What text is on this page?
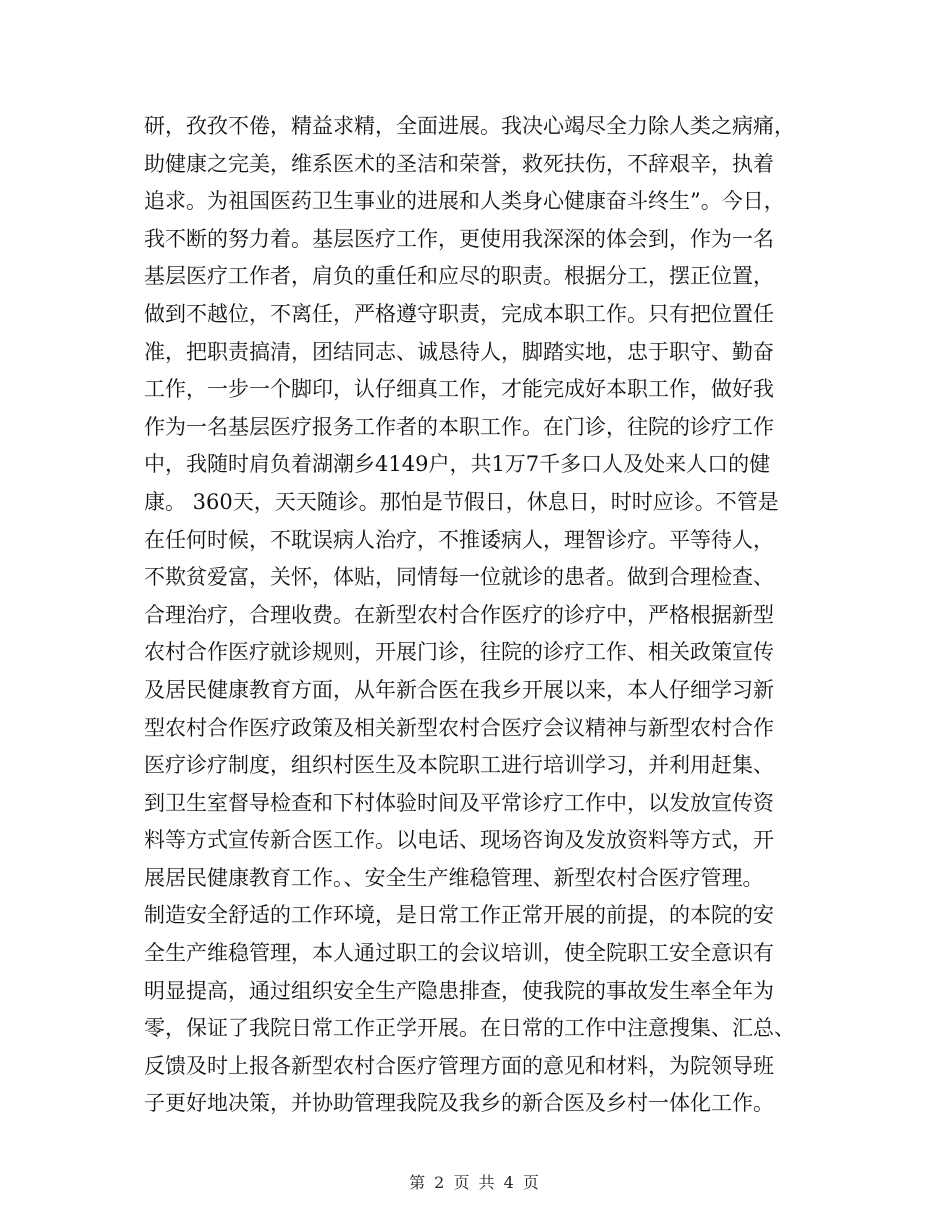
研，孜孜不倦，精益求精，全面进展。我决心竭尽全力除人类之病痛，
助健康之完美，维系医术的圣洁和荣誉，救死扶伤，不辞艰辛，执着
追求。为祖国医药卫生事业的进展和人类身心健康奋斗终生”。今日，
我不断的努力着。基层医疗工作，更使用我深深的体会到，作为一名
基层医疗工作者，肩负的重任和应尽的职责。根据分工，摆正位置，
做到不越位，不离任，严格遵守职责，完成本职工作。只有把位置任
准，把职责搞清，团结同志、诚恳待人，脚踏实地，忠于职守、勤奋
工作，一步一个脚印，认仔细真工作，才能完成好本职工作，做好我
作为一名基层医疗报务工作者的本职工作。在门诊，往院的诊疗工作
中，我随时肩负着湖潮乡4149户，共1万7千多口人及处来人口的健
康。 360天，天天随诊。那怕是节假日，休息日，时时应诊。不管是
在任何时候，不耽误病人治疗，不推诿病人，理智诊疗。平等待人，
不欺贫爱富，关怀，体贴，同情每一位就诊的患者。做到合理检查、
合理治疗，合理收费。在新型农村合作医疗的诊疗中，严格根据新型
农村合作医疗就诊规则，开展门诊，往院的诊疗工作、相关政策宣传
及居民健康教育方面，从年新合医在我乡开展以来，本人仔细学习新
型农村合作医疗政策及相关新型农村合医疗会议精神与新型农村合作
医疗诊疗制度，组织村医生及本院职工进行培训学习，并利用赶集、
到卫生室督导检查和下村体验时间及平常诊疗工作中，以发放宣传资
料等方式宣传新合医工作。以电话、现场咨询及发放资料等方式，开
展居民健康教育工作。、安全生产维稳管理、新型农村合医疗管理。
制造安全舒适的工作环境，是日常工作正常开展的前提，的本院的安
全生产维稳管理，本人通过职工的会议培训，使全院职工安全意识有
明显提高，通过组织安全生产隐患排查，使我院的事故发生率全年为
零，保证了我院日常工作正学开展。在日常的工作中注意搜集、汇总、
反馈及时上报各新型农村合医疗管理方面的意见和材料，为院领导班
子更好地决策，并协助管理我院及我乡的新合医及乡村一体化工作。
第 2 页 共 4 页
